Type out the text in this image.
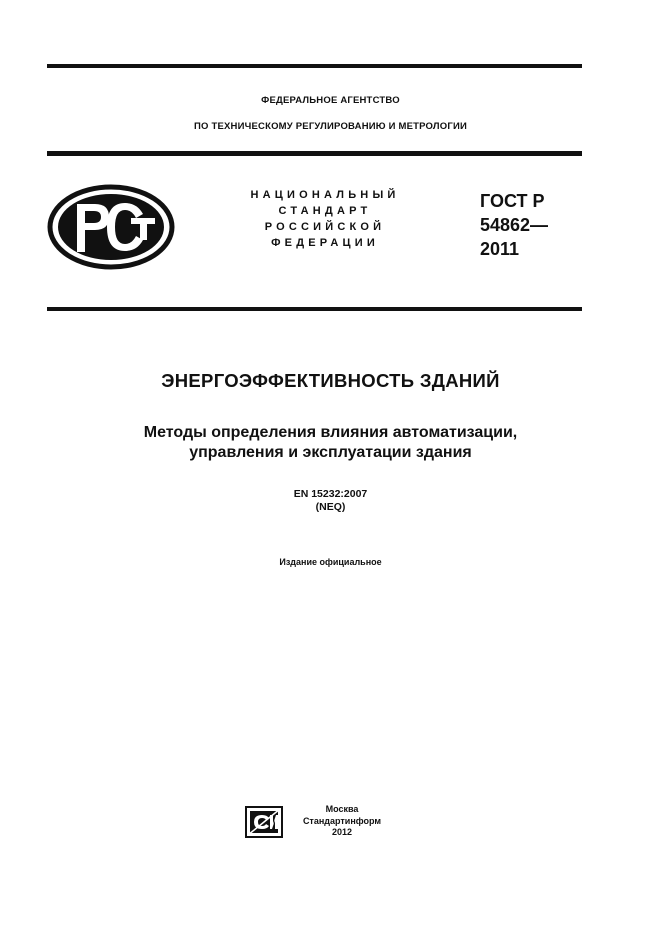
ФЕДЕРАЛЬНОЕ АГЕНТСТВО
ПО ТЕХНИЧЕСКОМУ РЕГУЛИРОВАНИЮ И МЕТРОЛОГИИ
НАЦИОНАЛЬНЫЙ
СТАНДАРТ
РОССИЙСКОЙ
ФЕДЕРАЦИИ
ГОСТ Р
54862—
2011
ЭНЕРГОЭФФЕКТИВНОСТЬ ЗДАНИЙ
Методы определения влияния автоматизации,
управления и эксплуатации здания
EN 15232:2007
(NEQ)
Издание официальное
Москва
Стандартинформ
2012
